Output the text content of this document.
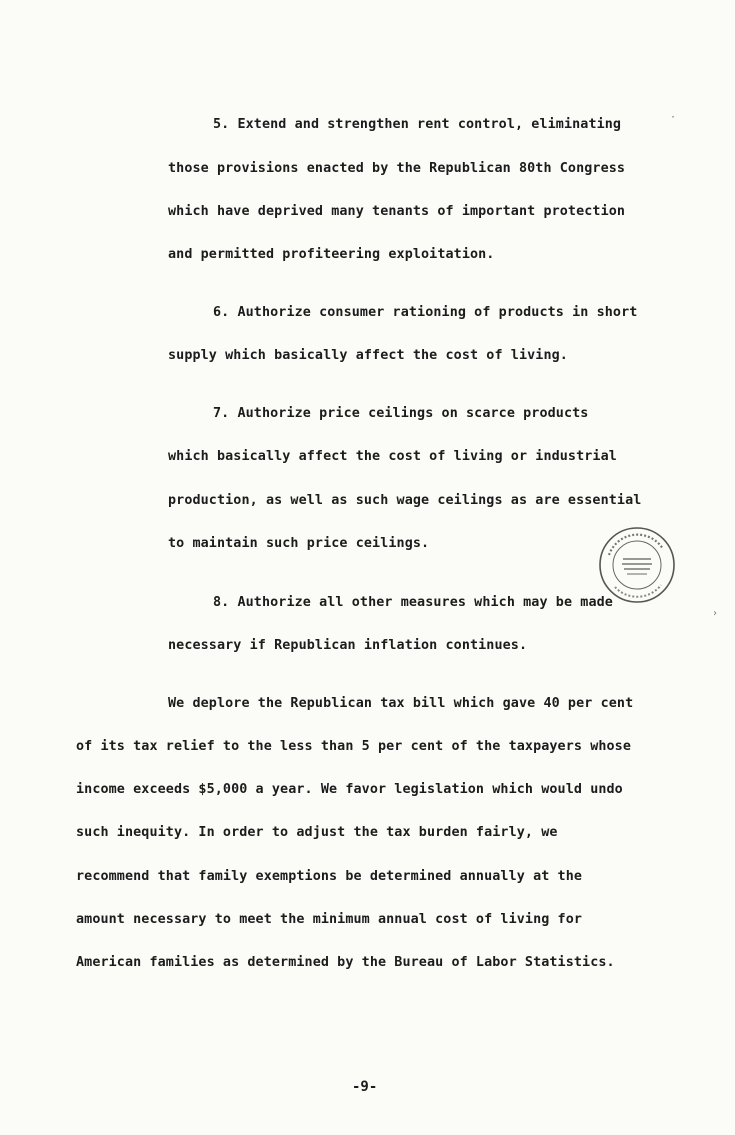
5. Extend and strengthen rent control, eliminating
those provisions enacted by the Republican 80th Congress
which have deprived many tenants of important protection
and permitted profiteering exploitation.
6. Authorize consumer rationing of products in short
supply which basically affect the cost of living.
7. Authorize price ceilings on scarce products
which basically affect the cost of living or industrial
production, as well as such wage ceilings as are essential
to maintain such price ceilings.
8. Authorize all other measures which may be made
necessary if Republican inflation continues.
We deplore the Republican tax bill which gave 40 per cent
of its tax relief to the less than 5 per cent of the taxpayers whose
income exceeds $5,000 a year. We favor legislation which would undo
such inequity. In order to adjust the tax burden fairly, we
recommend that family exemptions be determined annually at the
amount necessary to meet the minimum annual cost of living for
American families as determined by the Bureau of Labor Statistics.
-9-
·
›
